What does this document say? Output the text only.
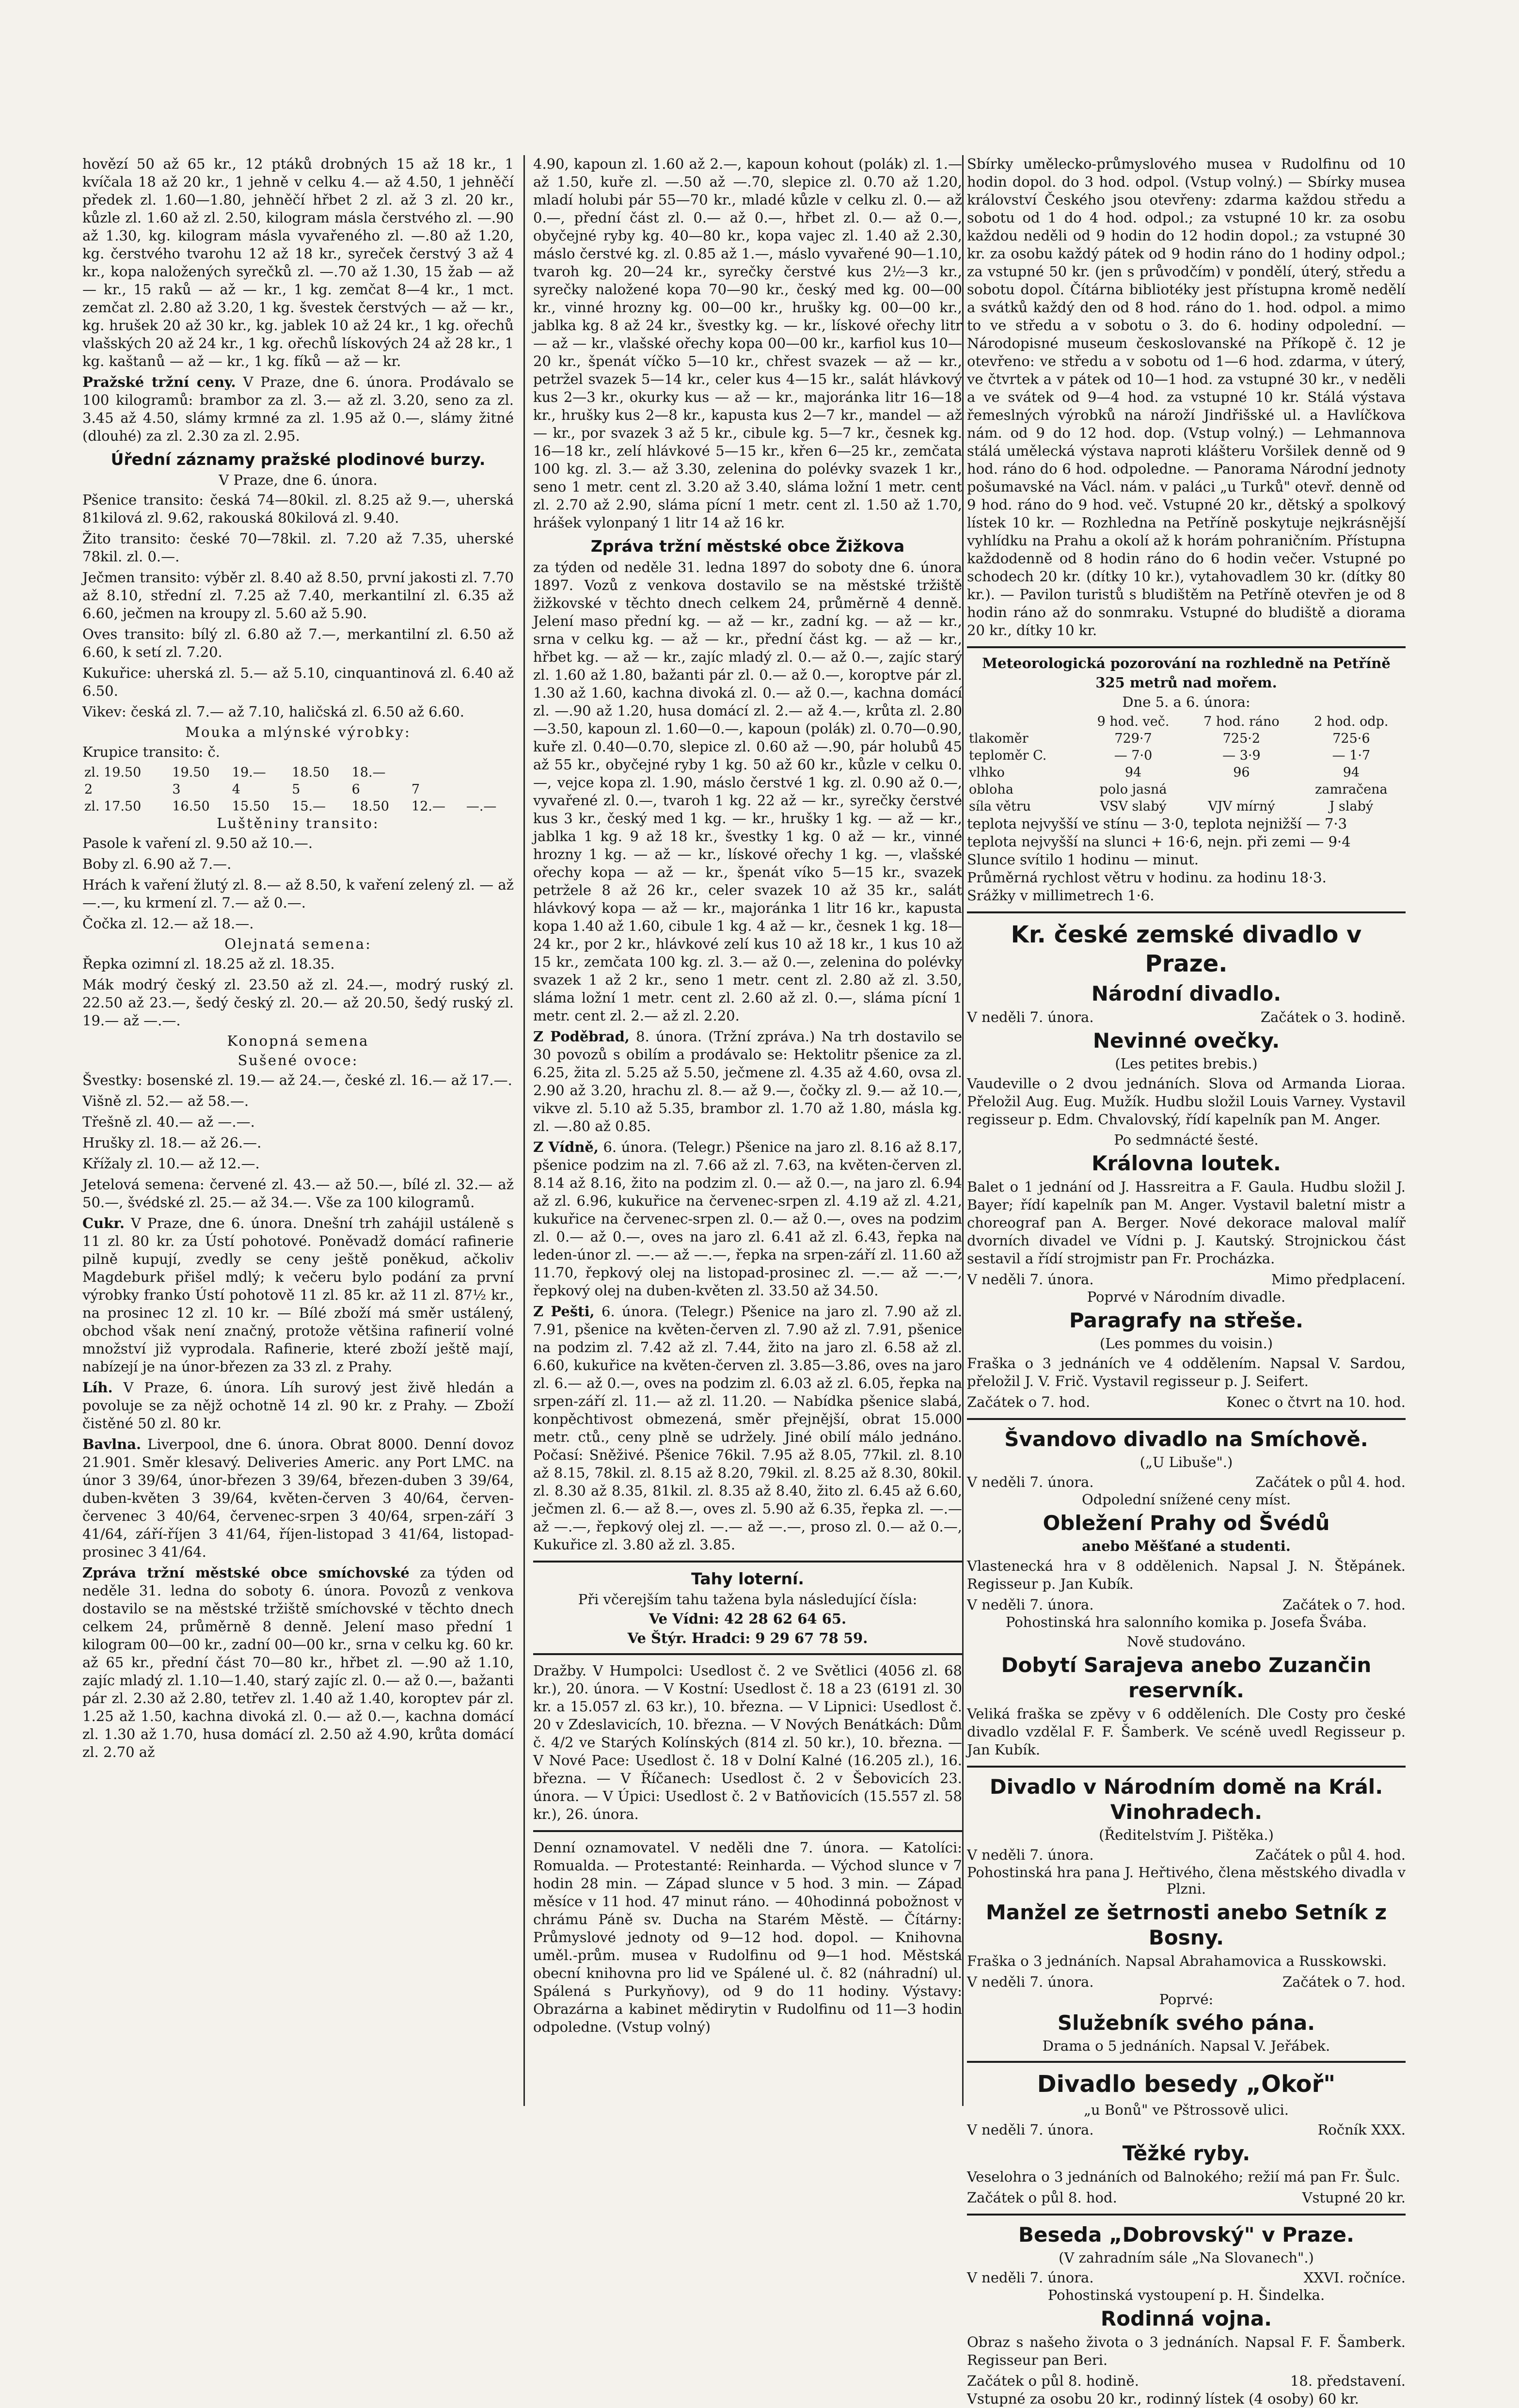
hovězí 50 až 65 kr., 12 ptáků drobných 15 až 18 kr., 1 kvíčala 18 až 20 kr., 1 jehně v celku 4.— až 4.50, 1 jehněčí předek zl. 1.60—1.80, jehněčí hřbet 2 zl. až 3 zl. 20 kr., kůzle zl. 1.60 až zl. 2.50, kilogram másla čerstvého zl. —.90 až 1.30, kg. kilogram másla vyvařeného zl. —.80 až 1.20, kg. čerstvého tvarohu 12 až 18 kr., syreček čerstvý 3 až 4 kr., kopa naložených syrečků zl. —.70 až 1.30, 15 žab — až — kr., 15 raků — až — kr., 1 kg. zemčat 8—4 kr., 1 mct. zemčat zl. 2.80 až 3.20, 1 kg. švestek čerstvých — až — kr., kg. hrušek 20 až 30 kr., kg. jablek 10 až 24 kr., 1 kg. ořechů vlašských 20 až 24 kr., 1 kg. ořechů lískových 24 až 28 kr., 1 kg. kaštanů — až — kr., 1 kg. fíků — až — kr.

Pražské tržní ceny. V Praze, dne 6. února. Prodávalo se 100 kilogramů: brambor za zl. 3.— až zl. 3.20, seno za zl. 3.45 až 4.50, slámy krmné za zl. 1.95 až 0.—, slámy žitné (dlouhé) za zl. 2.30 za zl. 2.95.

Úřední záznamy pražské plodinové burzy.
V Praze, dne 6. února.

Pšenice transito: česká 74—80kil. zl. 8.25 až 9.—, uherská 81kilová zl. 9.62, rakouská 80kilová zl. 9.40.

Žito transito: české 70—78kil. zl. 7.20 až 7.35, uherské 78kil. zl. 0.—.

Ječmen transito: výběr zl. 8.40 až 8.50, první jakosti zl. 7.70 až 8.10, střední zl. 7.25 až 7.40, merkantilní zl. 6.35 až 6.60, ječmen na kroupy zl. 5.60 až 5.90.

Oves transito: bílý zl. 6.80 až 7.—, merkantilní zl. 6.50 až 6.60, k setí zl. 7.20.

Kukuřice: uherská zl. 5.— až 5.10, cinquantinová zl. 6.40 až 6.50.

Vikev: česká zl. 7.— až 7.10, haličská zl. 6.50 až 6.60.

Mouka a mlýnské výrobky:

Krupice transito: č.

zl. 19.50	19.50	19.—	18.50	18.—		
2	3	4	5	6	7	
zl. 17.50	16.50	15.50	15.—	18.50	12.—	—.—
Luštěniny transito:

Pasole k vaření zl. 9.50 až 10.—.

Boby zl. 6.90 až 7.—.

Hrách k vaření žlutý zl. 8.— až 8.50, k vaření zelený zl. — až —.—, ku krmení zl. 7.— až 0.—.

Čočka zl. 12.— až 18.—.

Olejnatá semena:

Řepka ozimní zl. 18.25 až zl. 18.35.

Mák modrý český zl. 23.50 až zl. 24.—, modrý ruský zl. 22.50 až 23.—, šedý český zl. 20.— až 20.50, šedý ruský zl. 19.— až —.—.

Konopná semena
Sušené ovoce:

Švestky: bosenské zl. 19.— až 24.—, české zl. 16.— až 17.—.

Višně zl. 52.— až 58.—.

Třešně zl. 40.— až —.—.

Hrušky zl. 18.— až 26.—.

Křížaly zl. 10.— až 12.—.

Jetelová semena: červené zl. 43.— až 50.—, bílé zl. 32.— až 50.—, švédské zl. 25.— až 34.—. Vše za 100 kilogramů.

Cukr. V Praze, dne 6. února. Dnešní trh zahájil ustáleně s 11 zl. 80 kr. za Ústí pohotové. Poněvadž domácí rafinerie pilně kupují, zvedly se ceny ještě poněkud, ačkoliv Magdeburk přišel mdlý; k večeru bylo podání za první výrobky franko Ústí pohotově 11 zl. 85 kr. až 11 zl. 87½ kr., na prosinec 12 zl. 10 kr. — Bílé zboží má směr ustálený, obchod však není značný, protože většina rafinerií volné množství již vyprodala. Rafinerie, které zboží ještě mají, nabízejí je na únor-březen za 33 zl. z Prahy.

Líh. V Praze, 6. února. Líh surový jest živě hledán a povoluje se za nějž ochotně 14 zl. 90 kr. z Prahy. — Zboží čistěné 50 zl. 80 kr.

Bavlna. Liverpool, dne 6. února. Obrat 8000. Denní dovoz 21.901. Směr klesavý. Deliveries Americ. any Port LMC. na únor 3 39/64, únor-březen 3 39/64, březen-duben 3 39/64, duben-květen 3 39/64, květen-červen 3 40/64, červen-červenec 3 40/64, červenec-srpen 3 40/64, srpen-září 3 41/64, září-říjen 3 41/64, říjen-listopad 3 41/64, listopad-prosinec 3 41/64.

Zpráva tržní městské obce smíchovské za týden od neděle 31. ledna do soboty 6. února. Povozů z venkova dostavilo se na městské tržiště smíchovské v těchto dnech celkem 24, průměrně 8 denně. Jelení maso přední 1 kilogram 00—00 kr., zadní 00—00 kr., srna v celku kg. 60 kr. až 65 kr., přední část 70—80 kr., hřbet zl. —.90 až 1.10, zajíc mladý zl. 1.10—1.40, starý zajíc zl. 0.— až 0.—, bažanti pár zl. 2.30 až 2.80, tetřev zl. 1.40 až 1.40, koroptev pár zl. 1.25 až 1.50, kachna divoká zl. 0.— až 0.—, kachna domácí zl. 1.30 až 1.70, husa domácí zl. 2.50 až 4.90, krůta domácí zl. 2.70 až

4.90, kapoun zl. 1.60 až 2.—, kapoun kohout (polák) zl. 1.— až 1.50, kuře zl. —.50 až —.70, slepice zl. 0.70 až 1.20, mladí holubi pár 55—70 kr., mladé kůzle v celku zl. 0.— až 0.—, přední část zl. 0.— až 0.—, hřbet zl. 0.— až 0.—, obyčejné ryby kg. 40—80 kr., kopa vajec zl. 1.40 až 2.30, máslo čerstvé kg. zl. 0.85 až 1.—, máslo vyvařené 90—1.10, tvaroh kg. 20—24 kr., syrečky čerstvé kus 2½—3 kr., syrečky naložené kopa 70—90 kr., český med kg. 00—00 kr., vinné hrozny kg. 00—00 kr., hrušky kg. 00—00 kr., jablka kg. 8 až 24 kr., švestky kg. — kr., lískové ořechy litr — až — kr., vlašské ořechy kopa 00—00 kr., karfiol kus 10—20 kr., špenát víčko 5—10 kr., chřest svazek — až — kr., petržel svazek 5—14 kr., celer kus 4—15 kr., salát hlávkový kus 2—3 kr., okurky kus — až — kr., majoránka litr 16—18 kr., hrušky kus 2—8 kr., kapusta kus 2—7 kr., mandel — až — kr., por svazek 3 až 5 kr., cibule kg. 5—7 kr., česnek kg. 16—18 kr., zelí hlávkové 5—15 kr., křen 6—25 kr., zemčata 100 kg. zl. 3.— až 3.30, zelenina do polévky svazek 1 kr., seno 1 metr. cent zl. 3.20 až 3.40, sláma ložní 1 metr. cent zl. 2.70 až 2.90, sláma pícní 1 metr. cent zl. 1.50 až 1.70, hrášek vylonpaný 1 litr 14 až 16 kr.

Zpráva tržní městské obce Žižkova

za týden od neděle 31. ledna 1897 do soboty dne 6. února 1897. Vozů z venkova dostavilo se na městské tržiště žižkovské v těchto dnech celkem 24, průměrně 4 denně. Jelení maso přední kg. — až — kr., zadní kg. — až — kr., srna v celku kg. — až — kr., přední část kg. — až — kr., hřbet kg. — až — kr., zajíc mladý zl. 0.— až 0.—, zajíc starý zl. 1.60 až 1.80, bažanti pár zl. 0.— až 0.—, koroptve pár zl. 1.30 až 1.60, kachna divoká zl. 0.— až 0.—, kachna domácí zl. —.90 až 1.20, husa domácí zl. 2.— až 4.—, krůta zl. 2.80—3.50, kapoun zl. 1.60—0.—, kapoun (polák) zl. 0.70—0.90, kuře zl. 0.40—0.70, slepice zl. 0.60 až —.90, pár holubů 45 až 55 kr., obyčejné ryby 1 kg. 50 až 60 kr., kůzle v celku 0.—, vejce kopa zl. 1.90, máslo čerstvé 1 kg. zl. 0.90 až 0.—, vyvařené zl. 0.—, tvaroh 1 kg. 22 až — kr., syrečky čerstvé kus 3 kr., český med 1 kg. — kr., hrušky 1 kg. — až — kr., jablka 1 kg. 9 až 18 kr., švestky 1 kg. 0 až — kr., vinné hrozny 1 kg. — až — kr., lískové ořechy 1 kg. —, vlašské ořechy kopa — až — kr., špenát víko 5—15 kr., svazek petržele 8 až 26 kr., celer svazek 10 až 35 kr., salát hlávkový kopa — až — kr., majoránka 1 litr 16 kr., kapusta kopa 1.40 až 1.60, cibule 1 kg. 4 až — kr., česnek 1 kg. 18—24 kr., por 2 kr., hlávkové zelí kus 10 až 18 kr., 1 kus 10 až 15 kr., zemčata 100 kg. zl. 3.— až 0.—, zelenina do polévky svazek 1 až 2 kr., seno 1 metr. cent zl. 2.80 až zl. 3.50, sláma ložní 1 metr. cent zl. 2.60 až zl. 0.—, sláma pícní 1 metr. cent zl. 2.— až zl. 2.20.

Z Poděbrad, 8. února. (Tržní zpráva.) Na trh dostavilo se 30 povozů s obilím a prodávalo se: Hektolitr pšenice za zl. 6.25, žita zl. 5.25 až 5.50, ječmene zl. 4.35 až 4.60, ovsa zl. 2.90 až 3.20, hrachu zl. 8.— až 9.—, čočky zl. 9.— až 10.—, vikve zl. 5.10 až 5.35, brambor zl. 1.70 až 1.80, másla kg. zl. —.80 až 0.85.

Z Vídně, 6. února. (Telegr.) Pšenice na jaro zl. 8.16 až 8.17, pšenice podzim na zl. 7.66 až zl. 7.63, na květen-červen zl. 8.14 až 8.16, žito na podzim zl. 0.— až 0.—, na jaro zl. 6.94 až zl. 6.96, kukuřice na červenec-srpen zl. 4.19 až zl. 4.21, kukuřice na červenec-srpen zl. 0.— až 0.—, oves na podzim zl. 0.— až 0.—, oves na jaro zl. 6.41 až zl. 6.43, řepka na leden-únor zl. —.— až —.—, řepka na srpen-září zl. 11.60 až 11.70, řepkový olej na listopad-prosinec zl. —.— až —.—, řepkový olej na duben-květen zl. 33.50 až 34.50.

Z Pešti, 6. února. (Telegr.) Pšenice na jaro zl. 7.90 až zl. 7.91, pšenice na květen-červen zl. 7.90 až zl. 7.91, pšenice na podzim zl. 7.42 až zl. 7.44, žito na jaro zl. 6.58 až zl. 6.60, kukuřice na květen-červen zl. 3.85—3.86, oves na jaro zl. 6.— až 0.—, oves na podzim zl. 6.03 až zl. 6.05, řepka na srpen-září zl. 11.— až zl. 11.20. — Nabídka pšenice slabá, konpěchtivost obmezená, směr přejnější, obrat 15.000 metr. ctů., ceny plně se udržely. Jiné obilí málo jednáno. Počasí: Sněživé. Pšenice 76kil. 7.95 až 8.05, 77kil. zl. 8.10 až 8.15, 78kil. zl. 8.15 až 8.20, 79kil. zl. 8.25 až 8.30, 80kil. zl. 8.30 až 8.35, 81kil. zl. 8.35 až 8.40, žito zl. 6.45 až 6.60, ječmen zl. 6.— až 8.—, oves zl. 5.90 až 6.35, řepka zl. —.— až —.—, řepkový olej zl. —.— až —.—, proso zl. 0.— až 0.—, Kukuřice zl. 3.80 až zl. 3.85.

Tahy loterní.
Při včerejším tahu tažena byla následující čísla:
Ve Vídni: 42 28 62 64 65.
Ve Štýr. Hradci: 9 29 67 78 59.

Dražby. V Humpolci: Usedlost č. 2 ve Světlici (4056 zl. 68 kr.), 20. února. — V Kostní: Usedlost č. 18 a 23 (6191 zl. 30 kr. a 15.057 zl. 63 kr.), 10. března. — V Lipnici: Usedlost č. 20 v Zdeslavicích, 10. března. — V Nových Benátkách: Dům č. 4/2 ve Starých Kolínských (814 zl. 50 kr.), 10. března. — V Nové Pace: Usedlost č. 18 v Dolní Kalné (16.205 zl.), 16. března. — V Říčanech: Usedlost č. 2 v Šebovicích 23. února. — V Úpici: Usedlost č. 2 v Batňovicích (15.557 zl. 58 kr.), 26. února.

Denní oznamovatel. V neděli dne 7. února. — Katolíci: Romualda. — Protestanté: Reinharda. — Východ slunce v 7 hodin 28 min. — Západ slunce v 5 hod. 3 min. — Západ měsíce v 11 hod. 47 minut ráno. — 40hodinná pobožnost v chrámu Páně sv. Ducha na Starém Městě. — Čítárny: Průmyslové jednoty od 9—12 hod. dopol. — Knihovna uměl.-prům. musea v Rudolfinu od 9—1 hod. Městská obecní knihovna pro lid ve Spálené ul. č. 82 (náhradní) ul. Spálená s Purkyňovy), od 9 do 11 hodiny. Výstavy: Obrazárna a kabinet mědirytin v Rudolfinu od 11—3 hodin odpoledne. (Vstup volný)

Sbírky umělecko-průmyslového musea v Rudolfinu od 10 hodin dopol. do 3 hod. odpol. (Vstup volný.) — Sbírky musea království Českého jsou otevřeny: zdarma každou středu a sobotu od 1 do 4 hod. odpol.; za vstupné 10 kr. za osobu každou neděli od 9 hodin do 12 hodin dopol.; za vstupné 30 kr. za osobu každý pátek od 9 hodin ráno do 1 hodiny odpol.; za vstupné 50 kr. (jen s průvodčím) v pondělí, úterý, středu a sobotu dopol. Čítárna bibliotéky jest přístupna kromě nedělí a svátků každý den od 8 hod. ráno do 1. hod. odpol. a mimo to ve středu a v sobotu o 3. do 6. hodiny odpolední. — Národopisné museum českoslovanské na Příkopě č. 12 je otevřeno: ve středu a v sobotu od 1—6 hod. zdarma, v úterý, ve čtvrtek a v pátek od 10—1 hod. za vstupné 30 kr., v neděli a ve svátek od 9—4 hod. za vstupné 10 kr. Stálá výstava řemeslných výrobků na nároží Jindřišské ul. a Havlíčkova nám. od 9 do 12 hod. dop. (Vstup volný.) — Lehmannova stálá umělecká výstava naproti klášteru Voršilek denně od 9 hod. ráno do 6 hod. odpoledne. — Panorama Národní jednoty pošumavské na Václ. nám. v paláci „u Turků" otevř. denně od 9 hod. ráno do 9 hod. več. Vstupné 20 kr., dětský a spolkový lístek 10 kr. — Rozhledna na Petříně poskytuje nejkrásnější vyhlídku na Prahu a okolí až k horám pohraničním. Přístupna každodenně od 8 hodin ráno do 6 hodin večer. Vstupné po schodech 20 kr. (dítky 10 kr.), vytahovadlem 30 kr. (dítky 80 kr.). — Pavilon turistů s bludištěm na Petříně otevřen je od 8 hodin ráno až do sonmraku. Vstupné do bludiště a diorama 20 kr., dítky 10 kr.

Meteorologická pozorování na rozhledně na Petříně
325 metrů nad mořem.
Dne 5. a 6. února:
	9 hod. več.	7 hod. ráno	2 hod. odp.
tlakoměr	729·7	725·2	725·6
teploměr C.	— 7·0	— 3·9	— 1·7
vlhko	94	96	94
obloha	polo jasná		zamračena
síla větru	VSV slabý	VJV mírný	J slabý
teplota nejvyšší ve stínu — 3·0, teplota nejnižší — 7·3
teplota nejvyšší na slunci + 16·6, nejn. při zemi — 9·4
Slunce svítilo 1 hodinu — minut.
Průměrná rychlost větru v hodinu. za hodinu 18·3.
Srážky v millimetrech 1·6.
Kr. české zemské divadlo v Praze.
Národní divadlo.
V neděli 7. února.	Začátek o 3. hodině.
Nevinné ovečky.
(Les petites brebis.)

Vaudeville o 2 dvou jednáních. Slova od Armanda Lioraa. Přeložil Aug. Eug. Mužík. Hudbu složil Louis Varney. Vystavil regisseur p. Edm. Chvalovský, řídí kapelník pan M. Anger.

Po sedmnácté šesté.
Královna loutek.

Balet o 1 jednání od J. Hassreitra a F. Gaula. Hudbu složil J. Bayer; řídí kapelník pan M. Anger. Vystavil baletní mistr a choreograf pan A. Berger. Nové dekorace maloval malíř dvorních divadel ve Vídni p. J. Kautský. Strojnickou část sestavil a řídí strojmistr pan Fr. Procházka.

V neděli 7. února.	Mimo předplacení.
Poprvé v Národním divadle.
Paragrafy na střeše.
(Les pommes du voisin.)

Fraška o 3 jednáních ve 4 oddělením. Napsal V. Sardou, přeložil J. V. Frič. Vystavil regisseur p. J. Seifert.

Začátek o 7. hod.	Konec o čtvrt na 10. hod.
Švandovo divadlo na Smíchově.
(„U Libuše".)
V neděli 7. února.	Začátek o půl 4. hod.
Odpolední snížené ceny míst.
Obležení Prahy od Švédů
anebo Měšťané a studenti.

Vlastenecká hra v 8 oddělenich. Napsal J. N. Štěpánek. Regisseur p. Jan Kubík.

V neděli 7. února.	Začátek o 7. hod.
Pohostinská hra salonního komika p. Josefa Švába.
Nově studováno.
Dobytí Sarajeva anebo Zuzančin reservník.

Veliká fraška se zpěvy v 6 odděleních. Dle Costy pro české divadlo vzdělal F. F. Šamberk. Ve scéně uvedl Regisseur p. Jan Kubík.

Divadlo v Národním domě na Král. Vinohradech.
(Ředitelstvím J. Pištěka.)
V neděli 7. února.	Začátek o půl 4. hod.
Pohostinská hra pana J. Heřtivého, člena městského divadla v Plzni.
Manžel ze šetrnosti anebo Setník z Bosny.

Fraška o 3 jednáních. Napsal Abrahamovica a Russkowski.

V neděli 7. února.	Začátek o 7. hod.
Poprvé:
Služebník svého pána.
Drama o 5 jednáních. Napsal V. Jeřábek.
Divadlo besedy „Okoř"
„u Bonů" ve Pštrossově ulici.
V neděli 7. února.	Ročník XXX.
Těžké ryby.

Veselohra o 3 jednáních od Balnokého; režií má pan Fr. Šulc.

Začátek o půl 8. hod.	Vstupné 20 kr.
Beseda „Dobrovský" v Praze.
(V zahradním sále „Na Slovanech".)
V neděli 7. února.	XXVI. ročníce.
Pohostinská vystoupení p. H. Šindelka.
Rodinná vojna.

Obraz s našeho života o 3 jednáních. Napsal F. F. Šamberk. Regisseur pan Beri.

Začátek o půl 8. hodině.	18. představení.

Vstupné za osobu 20 kr., rodinný lístek (4 osoby) 60 kr.
